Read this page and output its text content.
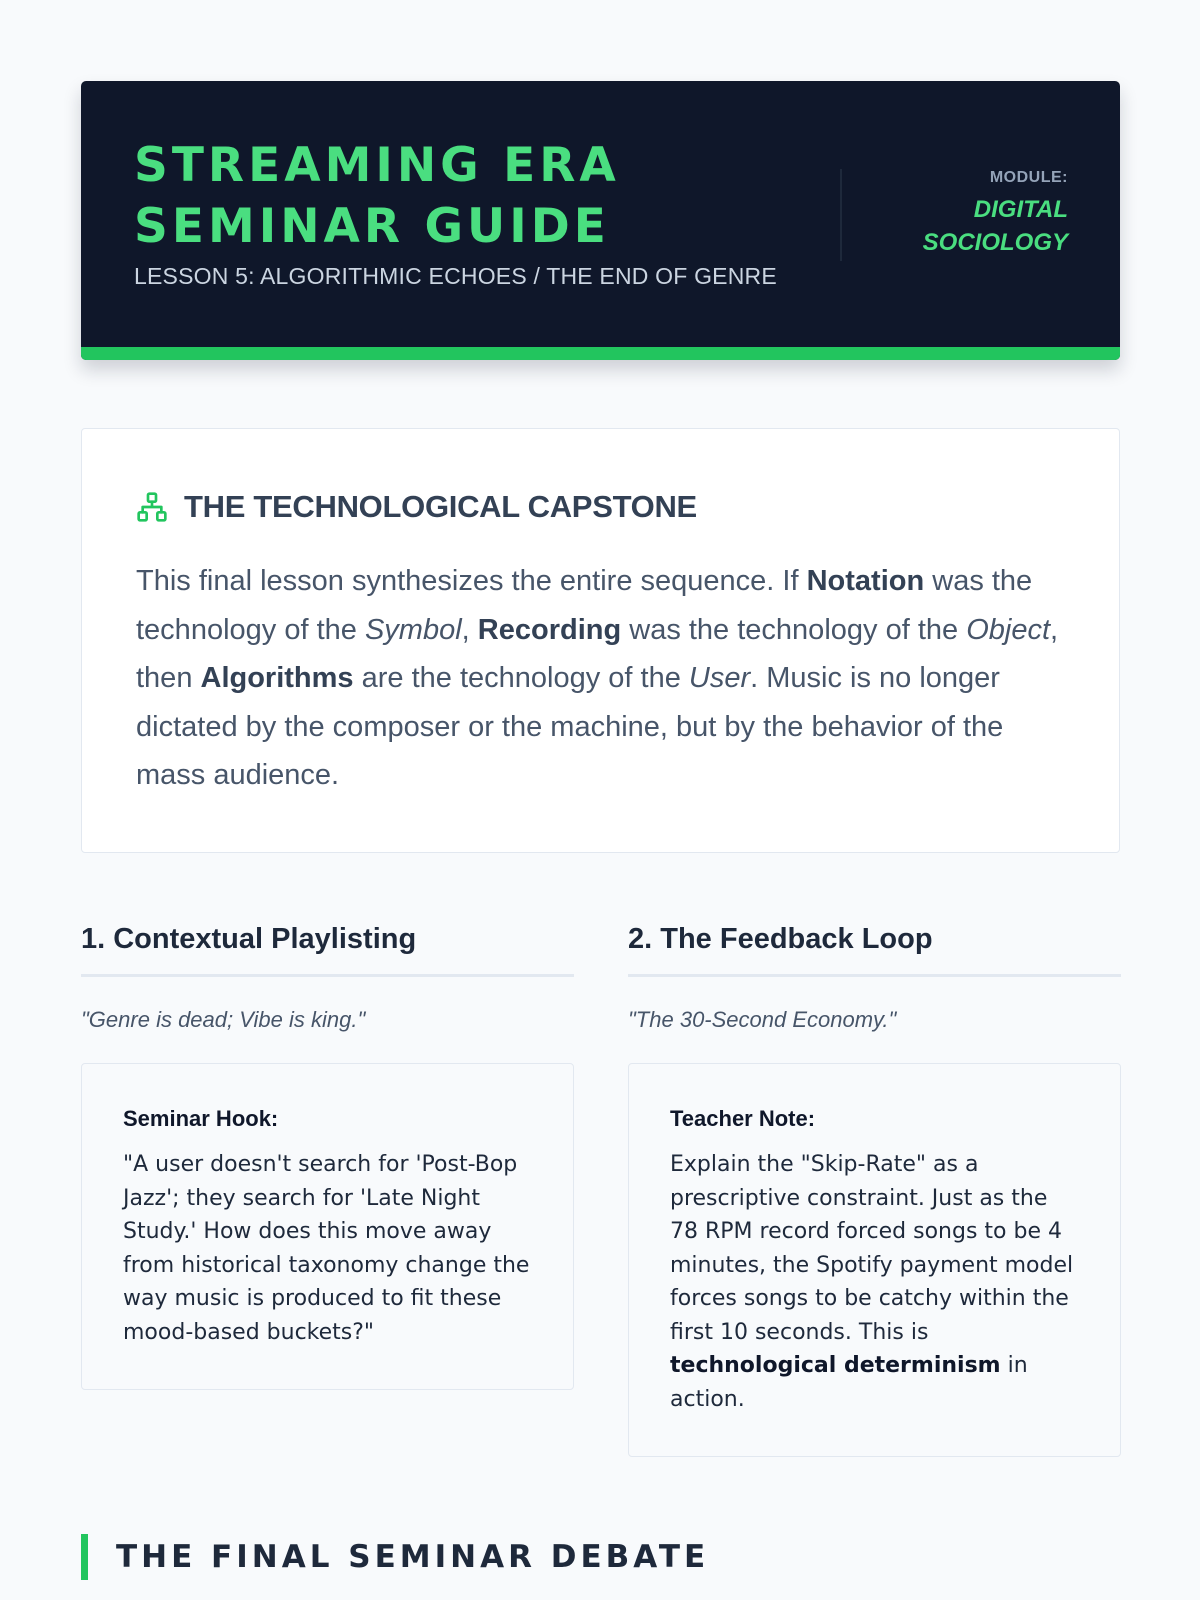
STREAMING ERA SEMINAR GUIDE
LESSON 5: ALGORITHMIC ECHOES / THE END OF GENRE
MODULE:
DIGITAL SOCIOLOGY
THE TECHNOLOGICAL CAPSTONE

This final lesson synthesizes the entire sequence. If Notation was the technology of the Symbol, Recording was the technology of the Object, then Algorithms are the technology of the User. Music is no longer dictated by the composer or the machine, but by the behavior of the mass audience.

1. Contextual Playlisting
"Genre is dead; Vibe is king."
Seminar Hook:

"A user doesn't search for 'Post-Bop Jazz'; they search for 'Late Night Study.' How does this move away from historical taxonomy change the way music is produced to fit these mood-based buckets?"

2. The Feedback Loop
"The 30-Second Economy."
Teacher Note:

Explain the "Skip-Rate" as a prescriptive constraint. Just as the 78 RPM record forced songs to be 4 minutes, the Spotify payment model forces songs to be catchy within the first 10 seconds. This is technological determinism in action.

THE FINAL SEMINAR DEBATE
